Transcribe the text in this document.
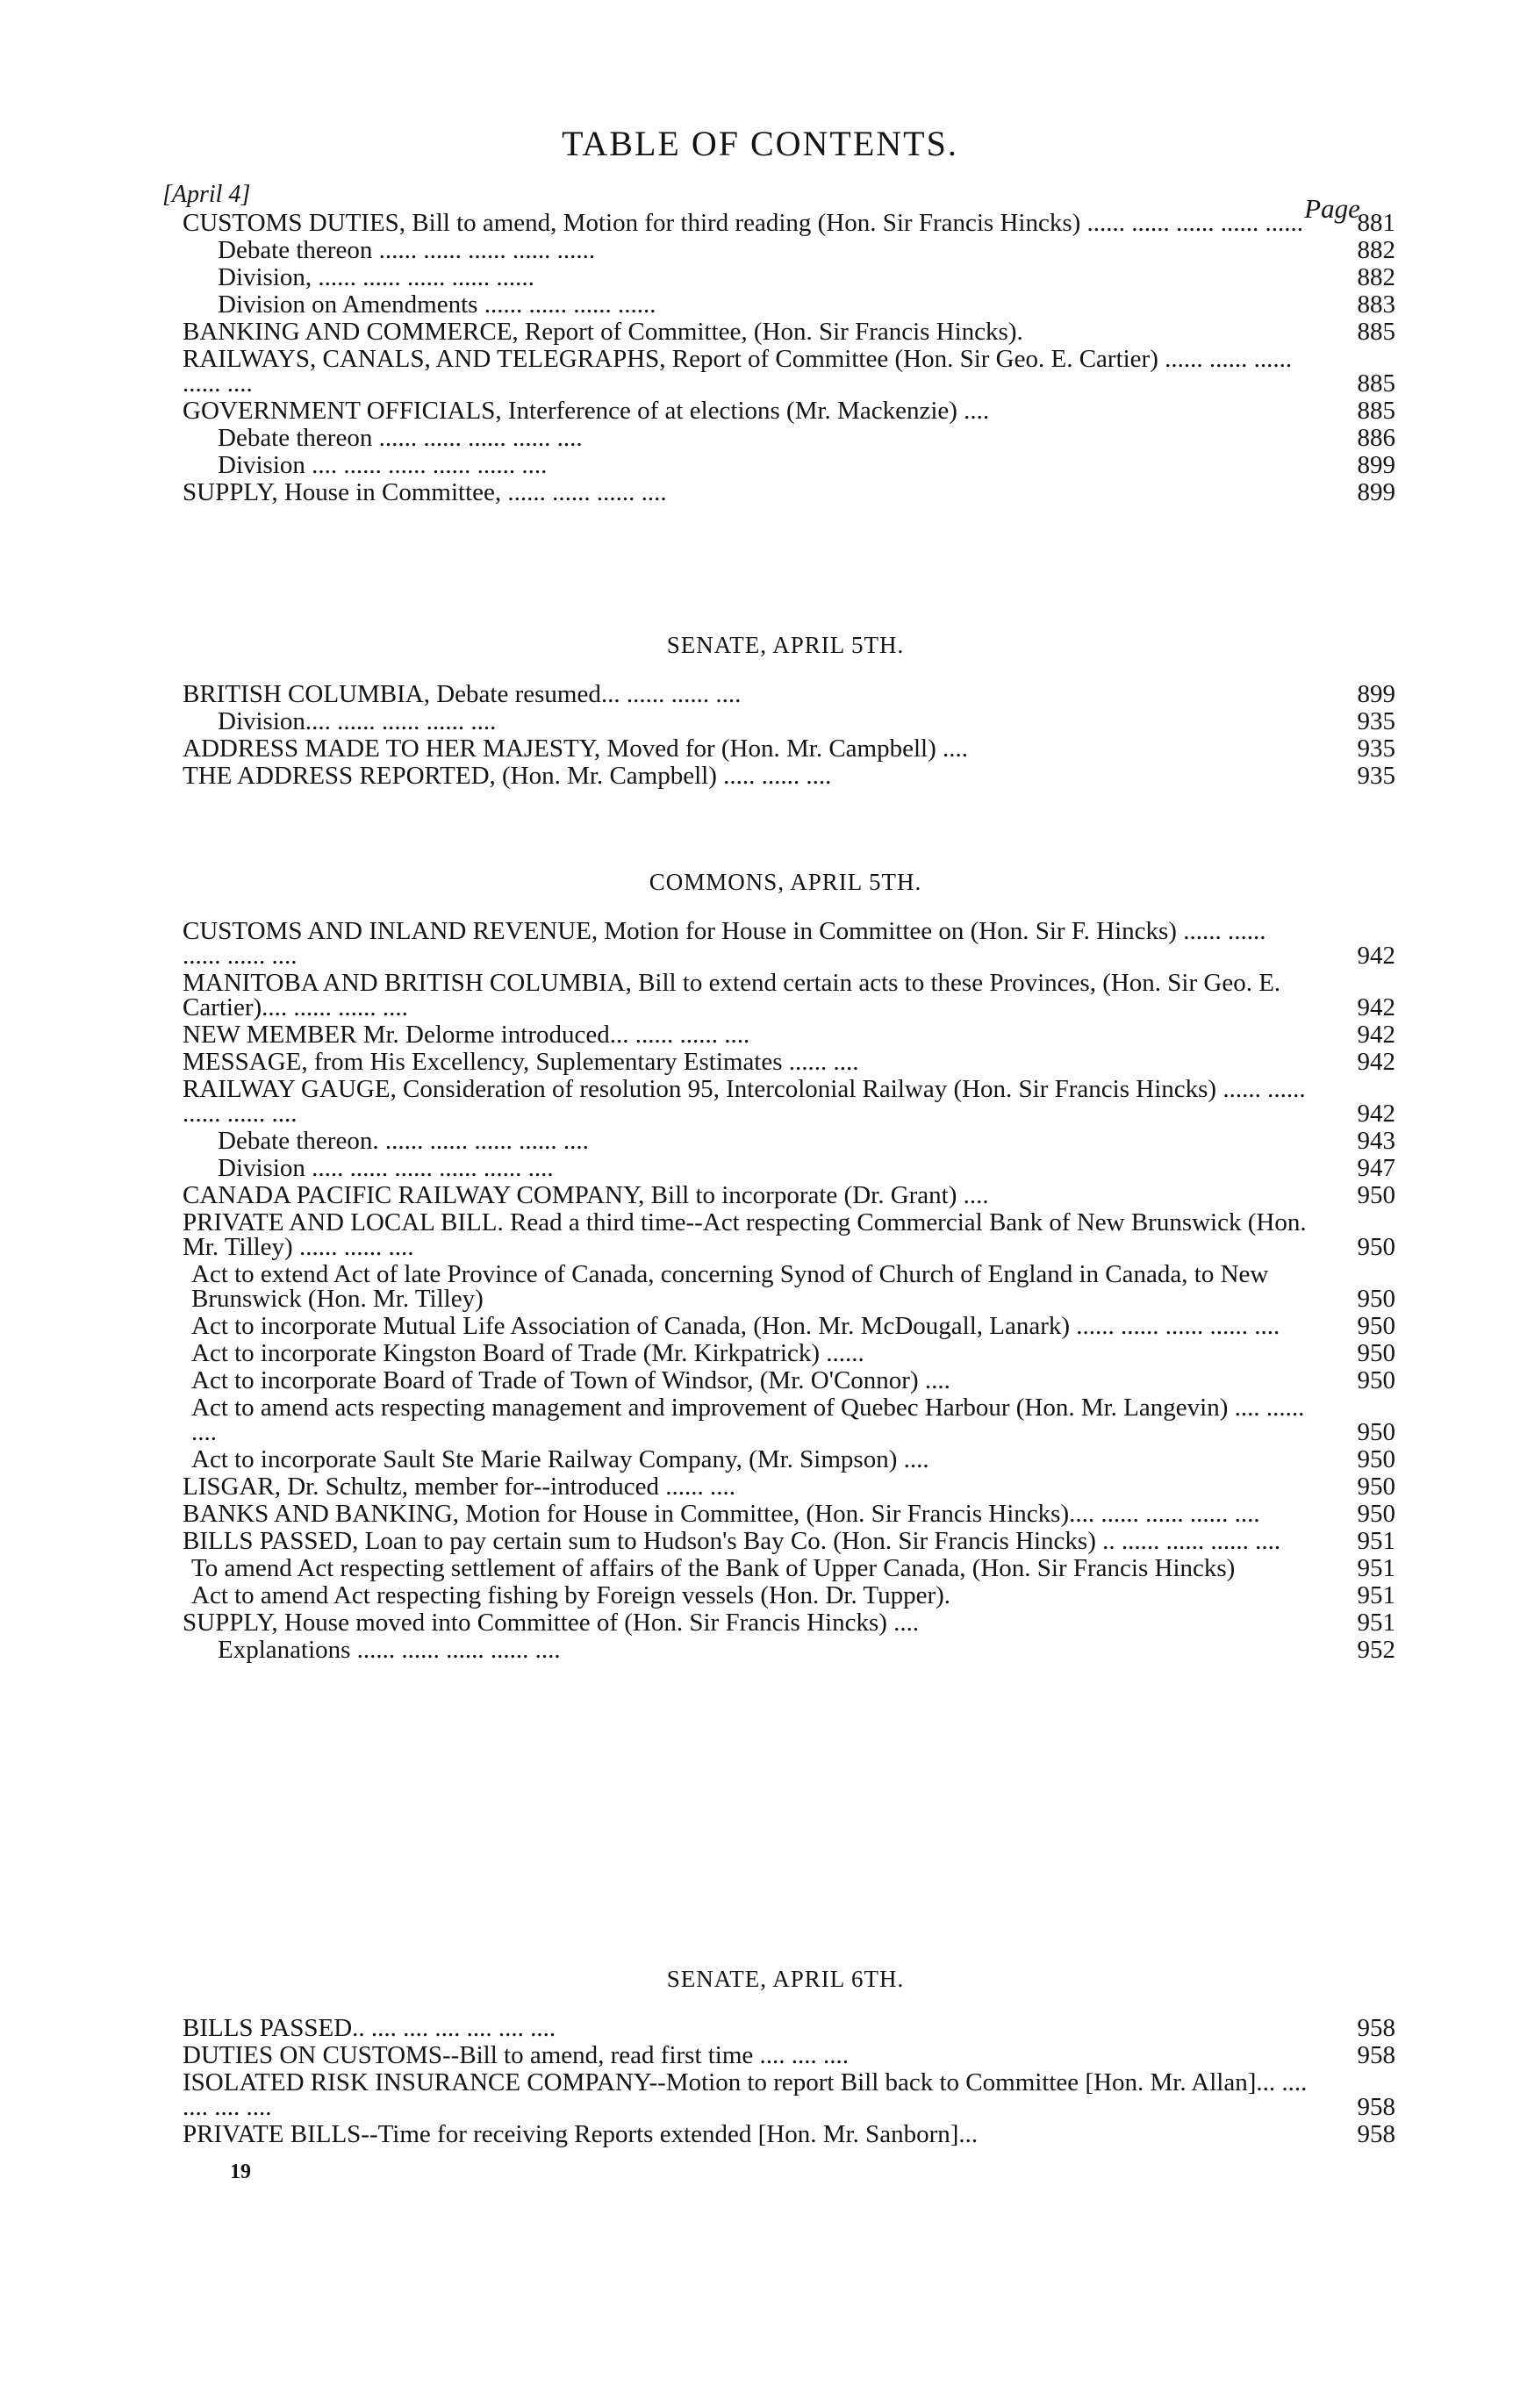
TABLE OF CONTENTS.
Page
[April 4]
CUSTOMS DUTIES, Bill to amend, Motion for third reading (Hon. Sir Francis Hincks) ...... ...... ...... ...... ......	881
Debate thereon ...... ...... ...... ...... ......	882
Division, ...... ...... ...... ...... ......	882
Division on Amendments ...... ...... ...... ......	883
BANKING AND COMMERCE, Report of Committee, (Hon. Sir Francis Hincks).	885
RAILWAYS, CANALS, AND TELEGRAPHS, Report of Committee (Hon. Sir Geo. E. Cartier) ...... ...... ...... ...... ....	885
GOVERNMENT OFFICIALS, Interference of at elections (Mr. Mackenzie) ....	885
Debate thereon ...... ...... ...... ...... ....	886
Division .... ...... ...... ...... ...... ....	899
SUPPLY, House in Committee, ...... ...... ...... ....	899
SENATE, APRIL 5TH.
BRITISH COLUMBIA, Debate resumed... ...... ...... ....	899
Division.... ...... ...... ...... ....	935
ADDRESS MADE TO HER MAJESTY, Moved for (Hon. Mr. Campbell) ....	935
THE ADDRESS REPORTED, (Hon. Mr. Campbell) ..... ...... ....	935
COMMONS, APRIL 5TH.
CUSTOMS AND INLAND REVENUE, Motion for House in Committee on (Hon. Sir F. Hincks) ...... ...... ...... ...... ....	942
MANITOBA AND BRITISH COLUMBIA, Bill to extend certain acts to these Provinces, (Hon. Sir Geo. E. Cartier).... ...... ...... ....	942
NEW MEMBER Mr. Delorme introduced... ...... ...... ....	942
MESSAGE, from His Excellency, Suplementary Estimates ...... ....	942
RAILWAY GAUGE, Consideration of resolution 95, Intercolonial Railway (Hon. Sir Francis Hincks) ...... ...... ...... ...... ....	942
Debate thereon. ...... ...... ...... ...... ....	943
Division ..... ...... ...... ...... ...... ....	947
CANADA PACIFIC RAILWAY COMPANY, Bill to incorporate (Dr. Grant) ....	950
PRIVATE AND LOCAL BILL. Read a third time--Act respecting Commercial Bank of New Brunswick (Hon. Mr. Tilley) ...... ...... ....	950
Act to extend Act of late Province of Canada, concerning Synod of Church of England in Canada, to New Brunswick (Hon. Mr. Tilley)	950
Act to incorporate Mutual Life Association of Canada, (Hon. Mr. McDougall, Lanark) ...... ...... ...... ...... ....	950
Act to incorporate Kingston Board of Trade (Mr. Kirkpatrick) ......	950
Act to incorporate Board of Trade of Town of Windsor, (Mr. O'Connor) ....	950
Act to amend acts respecting management and improvement of Quebec Harbour (Hon. Mr. Langevin) .... ...... ....	950
Act to incorporate Sault Ste Marie Railway Company, (Mr. Simpson) ....	950
LISGAR, Dr. Schultz, member for--introduced ...... ....	950
BANKS AND BANKING, Motion for House in Committee, (Hon. Sir Francis Hincks).... ...... ...... ...... ....	950
BILLS PASSED, Loan to pay certain sum to Hudson's Bay Co. (Hon. Sir Francis Hincks) .. ...... ...... ...... ....	951
To amend Act respecting settlement of affairs of the Bank of Upper Canada, (Hon. Sir Francis Hincks)	951
Act to amend Act respecting fishing by Foreign vessels (Hon. Dr. Tupper).	951
SUPPLY, House moved into Committee of (Hon. Sir Francis Hincks) ....	951
Explanations ...... ...... ...... ...... ....	952
SENATE, APRIL 6TH.
BILLS PASSED.. .... .... .... .... .... ....	958
DUTIES ON CUSTOMS--Bill to amend, read first time .... .... ....	958
ISOLATED RISK INSURANCE COMPANY--Motion to report Bill back to Committee [Hon. Mr. Allan]... .... .... .... ....	958
PRIVATE BILLS--Time for receiving Reports extended [Hon. Mr. Sanborn]...	958
19
